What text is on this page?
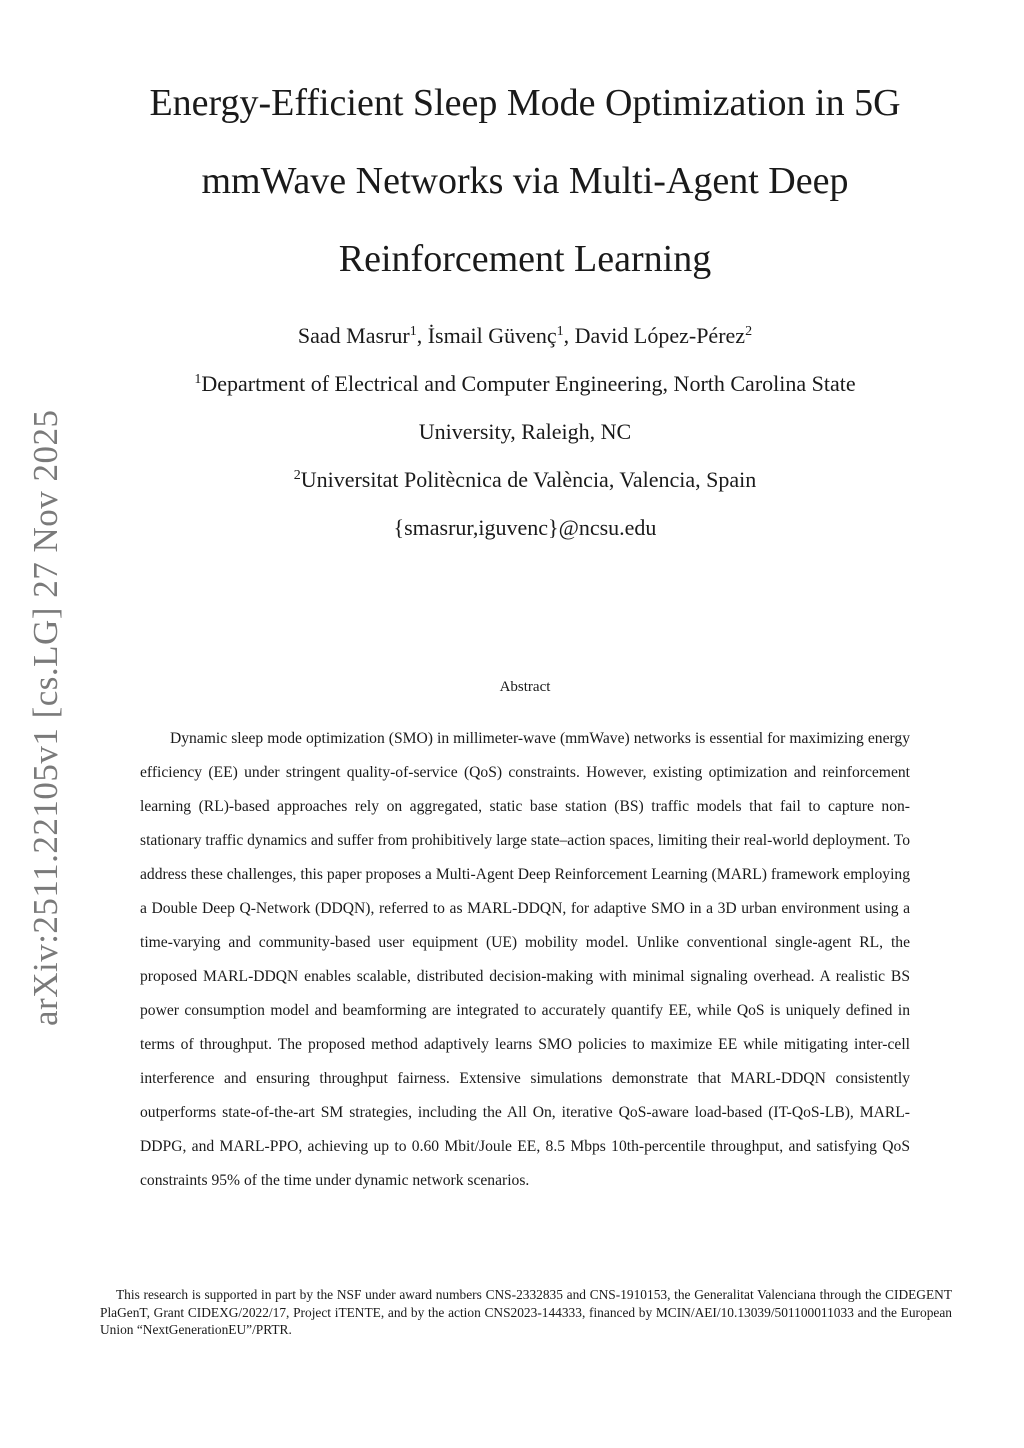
arXiv:2511.22105v1 [cs.LG] 27 Nov 2025
Energy-Efficient Sleep Mode Optimization in 5G
mmWave Networks via Multi-Agent Deep
Reinforcement Learning
Saad Masrur$^1$, İsmail Güvenç$^1$, David López-Pérez$^2$
$^1$Department of Electrical and Computer Engineering, North Carolina State
University, Raleigh, NC
$^2$Universitat Politècnica de València, Valencia, Spain
{smasrur,iguvenc}@ncsu.edu
Abstract

Dynamic sleep mode optimization (SMO) in millimeter-wave (mmWave) networks is essential for maximizing energy efficiency (EE) under stringent quality-of-service (QoS) constraints. However, existing optimization and reinforcement learning (RL)-based approaches rely on aggregated, static base station (BS) traffic models that fail to capture non-stationary traffic dynamics and suffer from prohibitively large state–action spaces, limiting their real-world deployment. To address these challenges, this paper proposes a Multi-Agent Deep Reinforcement Learning (MARL) framework employing a Double Deep Q-Network (DDQN), referred to as MARL-DDQN, for adaptive SMO in a 3D urban environment using a time-varying and community-based user equipment (UE) mobility model. Unlike conventional single-agent RL, the proposed MARL-DDQN enables scalable, distributed decision-making with minimal signaling overhead. A realistic BS power consumption model and beamforming are integrated to accurately quantify EE, while QoS is uniquely defined in terms of throughput. The proposed method adaptively learns SMO policies to maximize EE while mitigating inter-cell interference and ensuring throughput fairness. Extensive simulations demonstrate that MARL-DDQN consistently outperforms state-of-the-art SM strategies, including the All On, iterative QoS-aware load-based (IT-QoS-LB), MARL-DDPG, and MARL-PPO, achieving up to 0.60 Mbit/Joule EE, 8.5 Mbps 10th-percentile throughput, and satisfying QoS constraints 95% of the time under dynamic network scenarios.

This research is supported in part by the NSF under award numbers CNS-2332835 and CNS-1910153, the Generalitat Valenciana through the CIDEGENT PlaGenT, Grant CIDEXG/2022/17, Project iTENTE, and by the action CNS2023-144333, financed by MCIN/AEI/10.13039/501100011033 and the European Union “NextGenerationEU”/PRTR.
